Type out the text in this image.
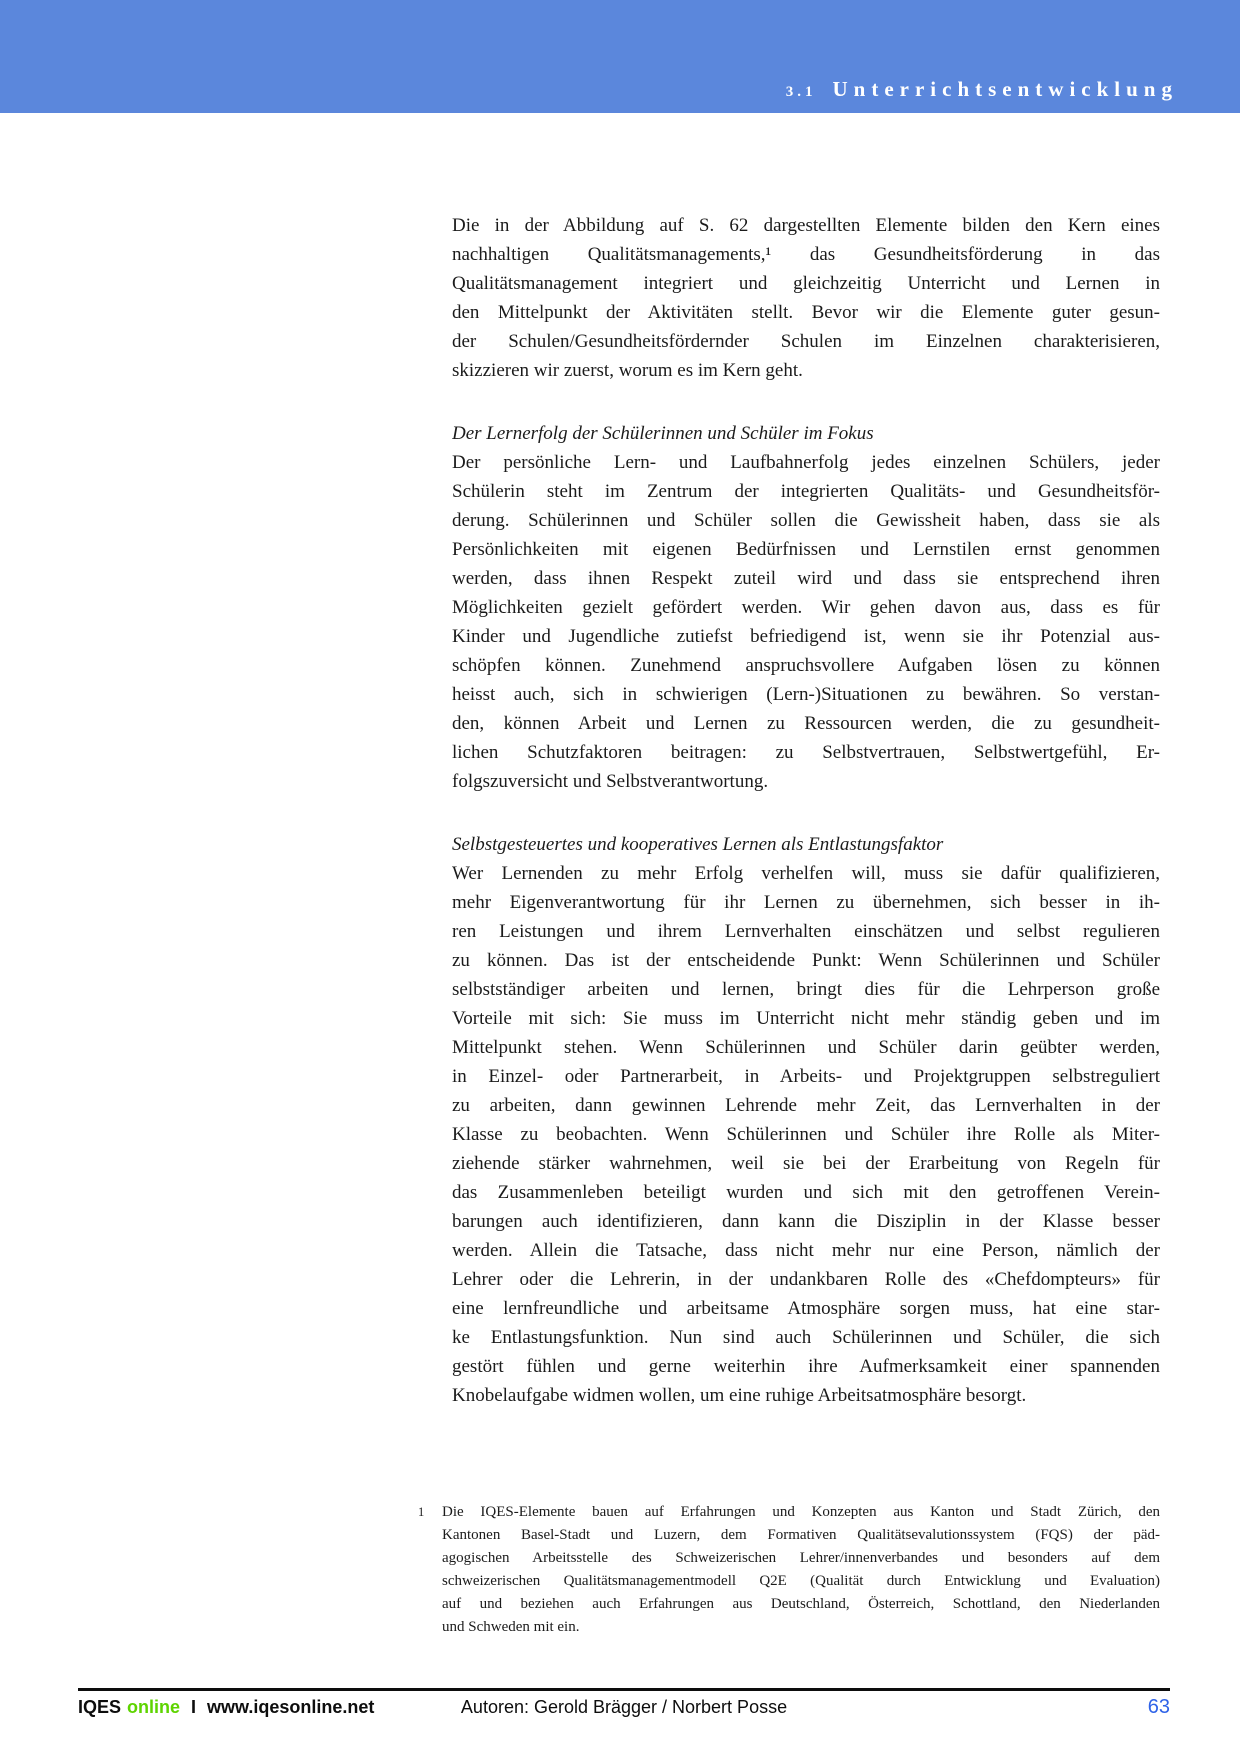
3.1 Unterrichtsentwicklung
Die in der Abbildung auf S. 62 dargestellten Elemente bilden den Kern eines
nachhaltigen Qualitätsmanagements,¹ das Gesundheitsförderung in das
Qualitätsmanagement integriert und gleichzeitig Unterricht und Lernen in
den Mittelpunkt der Aktivitäten stellt. Bevor wir die Elemente guter gesun-
der Schulen/Gesundheitsfördernder Schulen im Einzelnen charakterisieren,
skizzieren wir zuerst, worum es im Kern geht.
Der Lernerfolg der Schülerinnen und Schüler im Fokus
Der persönliche Lern- und Laufbahnerfolg jedes einzelnen Schülers, jeder
Schülerin steht im Zentrum der integrierten Qualitäts- und Gesundheitsför-
derung. Schülerinnen und Schüler sollen die Gewissheit haben, dass sie als
Persönlichkeiten mit eigenen Bedürfnissen und Lernstilen ernst genommen
werden, dass ihnen Respekt zuteil wird und dass sie entsprechend ihren
Möglichkeiten gezielt gefördert werden. Wir gehen davon aus, dass es für
Kinder und Jugendliche zutiefst befriedigend ist, wenn sie ihr Potenzial aus-
schöpfen können. Zunehmend anspruchsvollere Aufgaben lösen zu können
heisst auch, sich in schwierigen (Lern-)Situationen zu bewähren. So verstan-
den, können Arbeit und Lernen zu Ressourcen werden, die zu gesundheit-
lichen Schutzfaktoren beitragen: zu Selbstvertrauen, Selbstwertgefühl, Er-
folgszuversicht und Selbstverantwortung.
Selbstgesteuertes und kooperatives Lernen als Entlastungsfaktor
Wer Lernenden zu mehr Erfolg verhelfen will, muss sie dafür qualifizieren,
mehr Eigenverantwortung für ihr Lernen zu übernehmen, sich besser in ih-
ren Leistungen und ihrem Lernverhalten einschätzen und selbst regulieren
zu können. Das ist der entscheidende Punkt: Wenn Schülerinnen und Schüler
selbstständiger arbeiten und lernen, bringt dies für die Lehrperson große
Vorteile mit sich: Sie muss im Unterricht nicht mehr ständig geben und im
Mittelpunkt stehen. Wenn Schülerinnen und Schüler darin geübter werden,
in Einzel- oder Partnerarbeit, in Arbeits- und Projektgruppen selbstreguliert
zu arbeiten, dann gewinnen Lehrende mehr Zeit, das Lernverhalten in der
Klasse zu beobachten. Wenn Schülerinnen und Schüler ihre Rolle als Miter-
ziehende stärker wahrnehmen, weil sie bei der Erarbeitung von Regeln für
das Zusammenleben beteiligt wurden und sich mit den getroffenen Verein-
barungen auch identifizieren, dann kann die Disziplin in der Klasse besser
werden. Allein die Tatsache, dass nicht mehr nur eine Person, nämlich der
Lehrer oder die Lehrerin, in der undankbaren Rolle des «Chefdompteurs» für
eine lernfreundliche und arbeitsame Atmosphäre sorgen muss, hat eine star-
ke Entlastungsfunktion. Nun sind auch Schülerinnen und Schüler, die sich
gestört fühlen und gerne weiterhin ihre Aufmerksamkeit einer spannenden
Knobelaufgabe widmen wollen, um eine ruhige Arbeitsatmosphäre besorgt.
1	Die IQES-Elemente bauen auf Erfahrungen und Konzepten aus Kanton und Stadt Zürich, den
Kantonen Basel-Stadt und Luzern, dem Formativen Qualitätsevalutionssystem (FQS) der päd-
agogischen Arbeitsstelle des Schweizerischen Lehrer/innenverbandes und besonders auf dem
schweizerischen Qualitätsmanagementmodell Q2E (Qualität durch Entwicklung und Evaluation)
auf und beziehen auch Erfahrungen aus Deutschland, Österreich, Schottland, den Niederlanden
und Schweden mit ein.
IQES online I www.iqesonline.net	Autoren: Gerold Brägger / Norbert Posse	63
